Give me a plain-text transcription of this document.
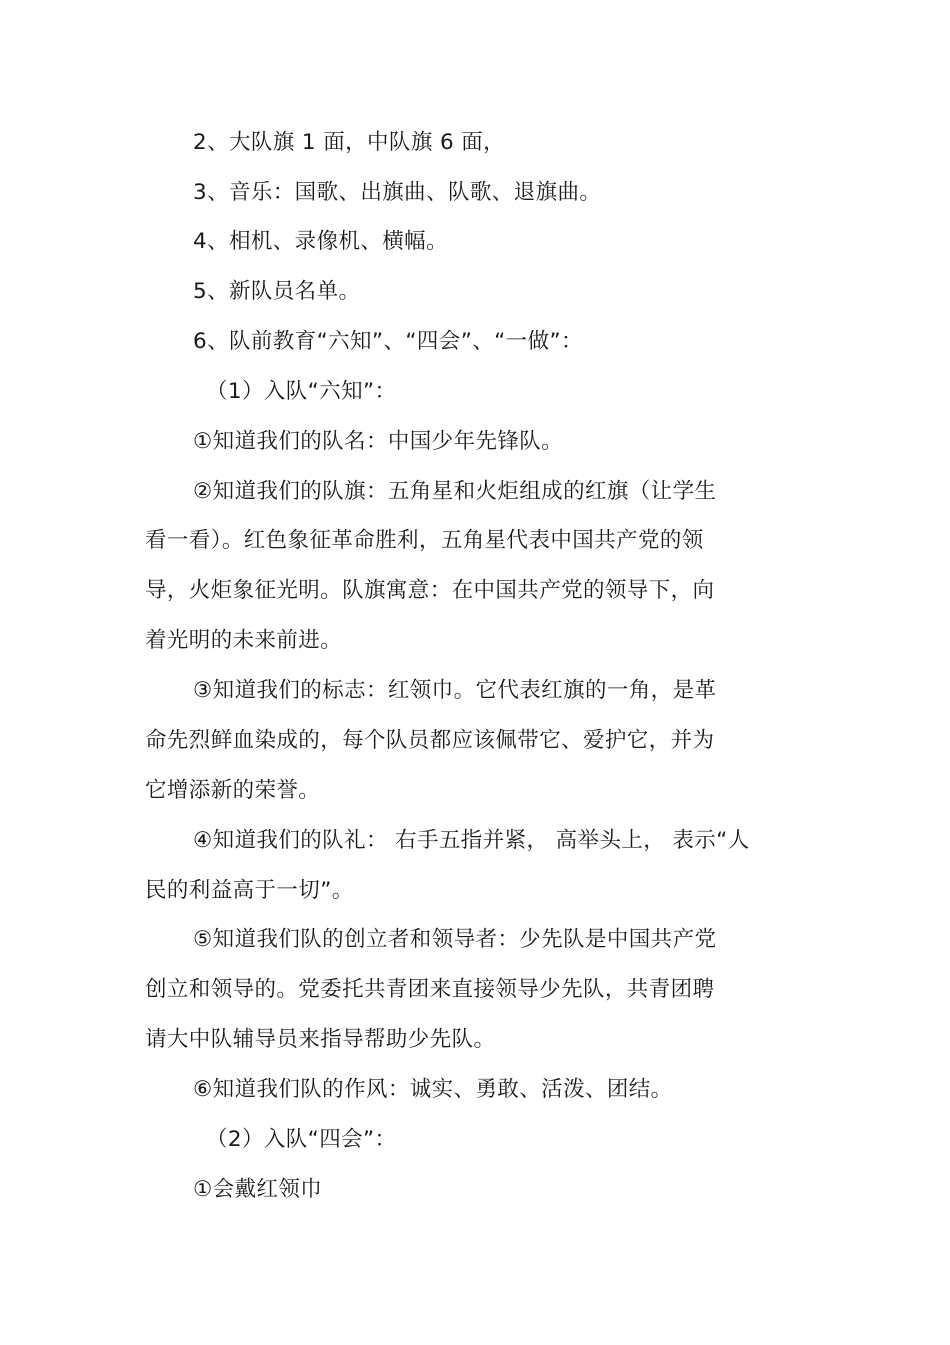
2、大队旗 1 面，中队旗 6 面，
3、音乐：国歌、出旗曲、队歌、退旗曲。
4、相机、录像机、横幅。
5、新队员名单。
6、队前教育“六知”、“四会”、“一做”：
（1）入队“六知”：
①知道我们的队名：中国少年先锋队。
②知道我们的队旗：五角星和火炬组成的红旗（让学生
看一看）。红色象征革命胜利，五角星代表中国共产党的领
导，火炬象征光明。队旗寓意：在中国共产党的领导下，向
着光明的未来前进。
③知道我们的标志：红领巾。它代表红旗的一角，是革
命先烈鲜血染成的，每个队员都应该佩带它、爱护它，并为
它增添新的荣誉。
④知道我们的队礼： 右手五指并紧， 高举头上， 表示“人
民的利益高于一切”。
⑤知道我们队的创立者和领导者：少先队是中国共产党
创立和领导的。党委托共青团来直接领导少先队，共青团聘
请大中队辅导员来指导帮助少先队。
⑥知道我们队的作风：诚实、勇敢、活泼、团结。
（2）入队“四会”：
①会戴红领巾
